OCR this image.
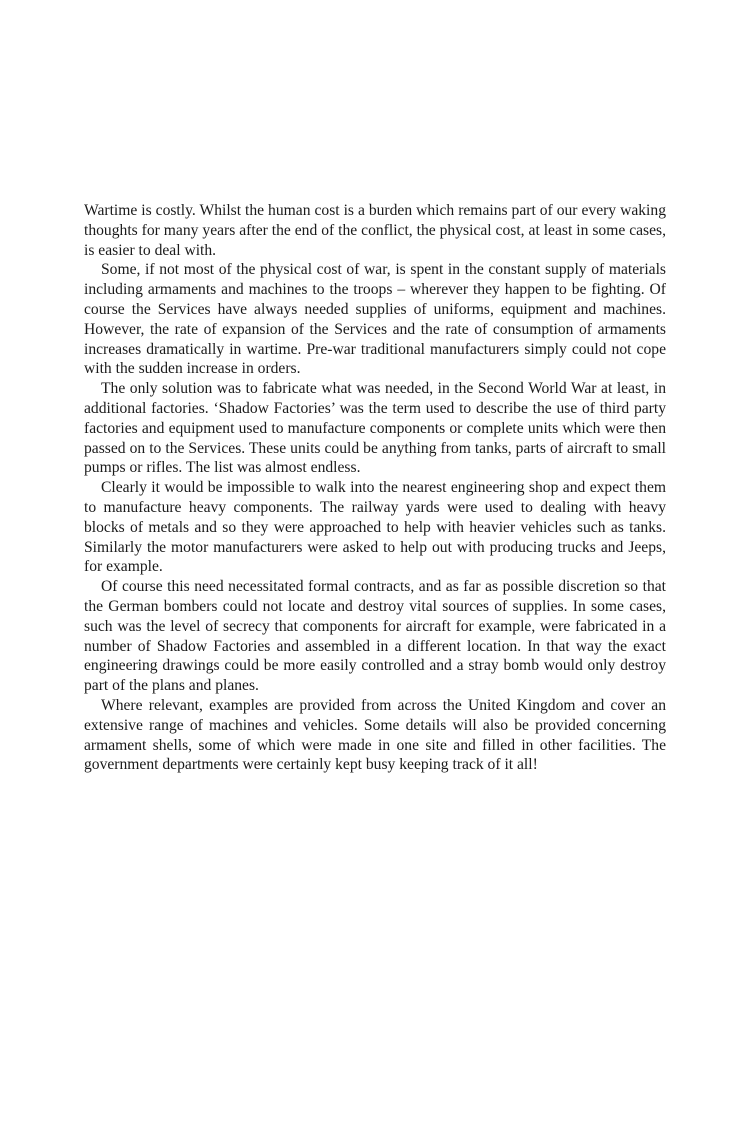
Wartime is costly. Whilst the human cost is a burden which remains part of our every waking thoughts for many years after the end of the conflict, the physical cost, at least in some cases, is easier to deal with.

Some, if not most of the physical cost of war, is spent in the constant supply of materials including armaments and machines to the troops – wherever they happen to be fighting. Of course the Services have always needed supplies of uniforms, equipment and machines. However, the rate of expansion of the Services and the rate of consumption of armaments increases dramatically in wartime. Pre-war traditional manufacturers simply could not cope with the sudden increase in orders.

The only solution was to fabricate what was needed, in the Second World War at least, in additional factories. ‘Shadow Factories’ was the term used to describe the use of third party factories and equipment used to manufacture components or complete units which were then passed on to the Services. These units could be anything from tanks, parts of aircraft to small pumps or rifles. The list was almost endless.

Clearly it would be impossible to walk into the nearest engineering shop and expect them to manufacture heavy components. The railway yards were used to dealing with heavy blocks of metals and so they were approached to help with heavier vehicles such as tanks. Similarly the motor manufacturers were asked to help out with producing trucks and Jeeps, for example.

Of course this need necessitated formal contracts, and as far as possible discretion so that the German bombers could not locate and destroy vital sources of supplies. In some cases, such was the level of secrecy that components for aircraft for example, were fabricated in a number of Shadow Factories and assembled in a different location. In that way the exact engineering drawings could be more easily controlled and a stray bomb would only destroy part of the plans and planes.

Where relevant, examples are provided from across the United Kingdom and cover an extensive range of machines and vehicles. Some details will also be provided concerning armament shells, some of which were made in one site and filled in other facilities. The government departments were certainly kept busy keeping track of it all!
